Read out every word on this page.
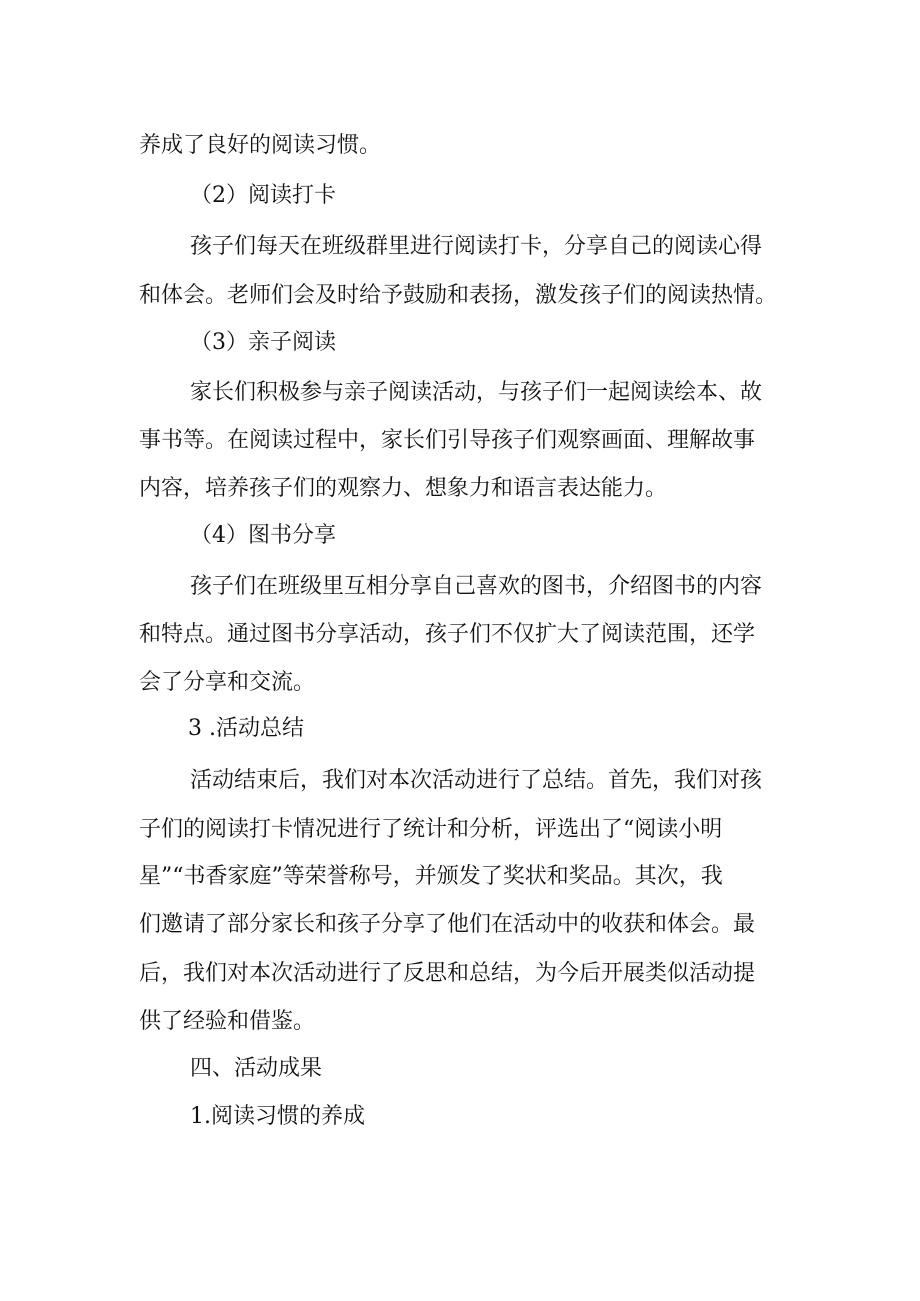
养成了良好的阅读习惯。
（2）阅读打卡
孩子们每天在班级群里进行阅读打卡，分享自己的阅读心得
和体会。老师们会及时给予鼓励和表扬，激发孩子们的阅读热情。
（3）亲子阅读
家长们积极参与亲子阅读活动，与孩子们一起阅读绘本、故
事书等。在阅读过程中，家长们引导孩子们观察画面、理解故事
内容，培养孩子们的观察力、想象力和语言表达能力。
（4）图书分享
孩子们在班级里互相分享自己喜欢的图书，介绍图书的内容
和特点。通过图书分享活动，孩子们不仅扩大了阅读范围，还学
会了分享和交流。
3 .活动总结
活动结束后，我们对本次活动进行了总结。首先，我们对孩
子们的阅读打卡情况进行了统计和分析，评选出了“阅读小明
星”“书香家庭”等荣誉称号，并颁发了奖状和奖品。其次，我
们邀请了部分家长和孩子分享了他们在活动中的收获和体会。最
后，我们对本次活动进行了反思和总结，为今后开展类似活动提
供了经验和借鉴。
四、活动成果
1.阅读习惯的养成
